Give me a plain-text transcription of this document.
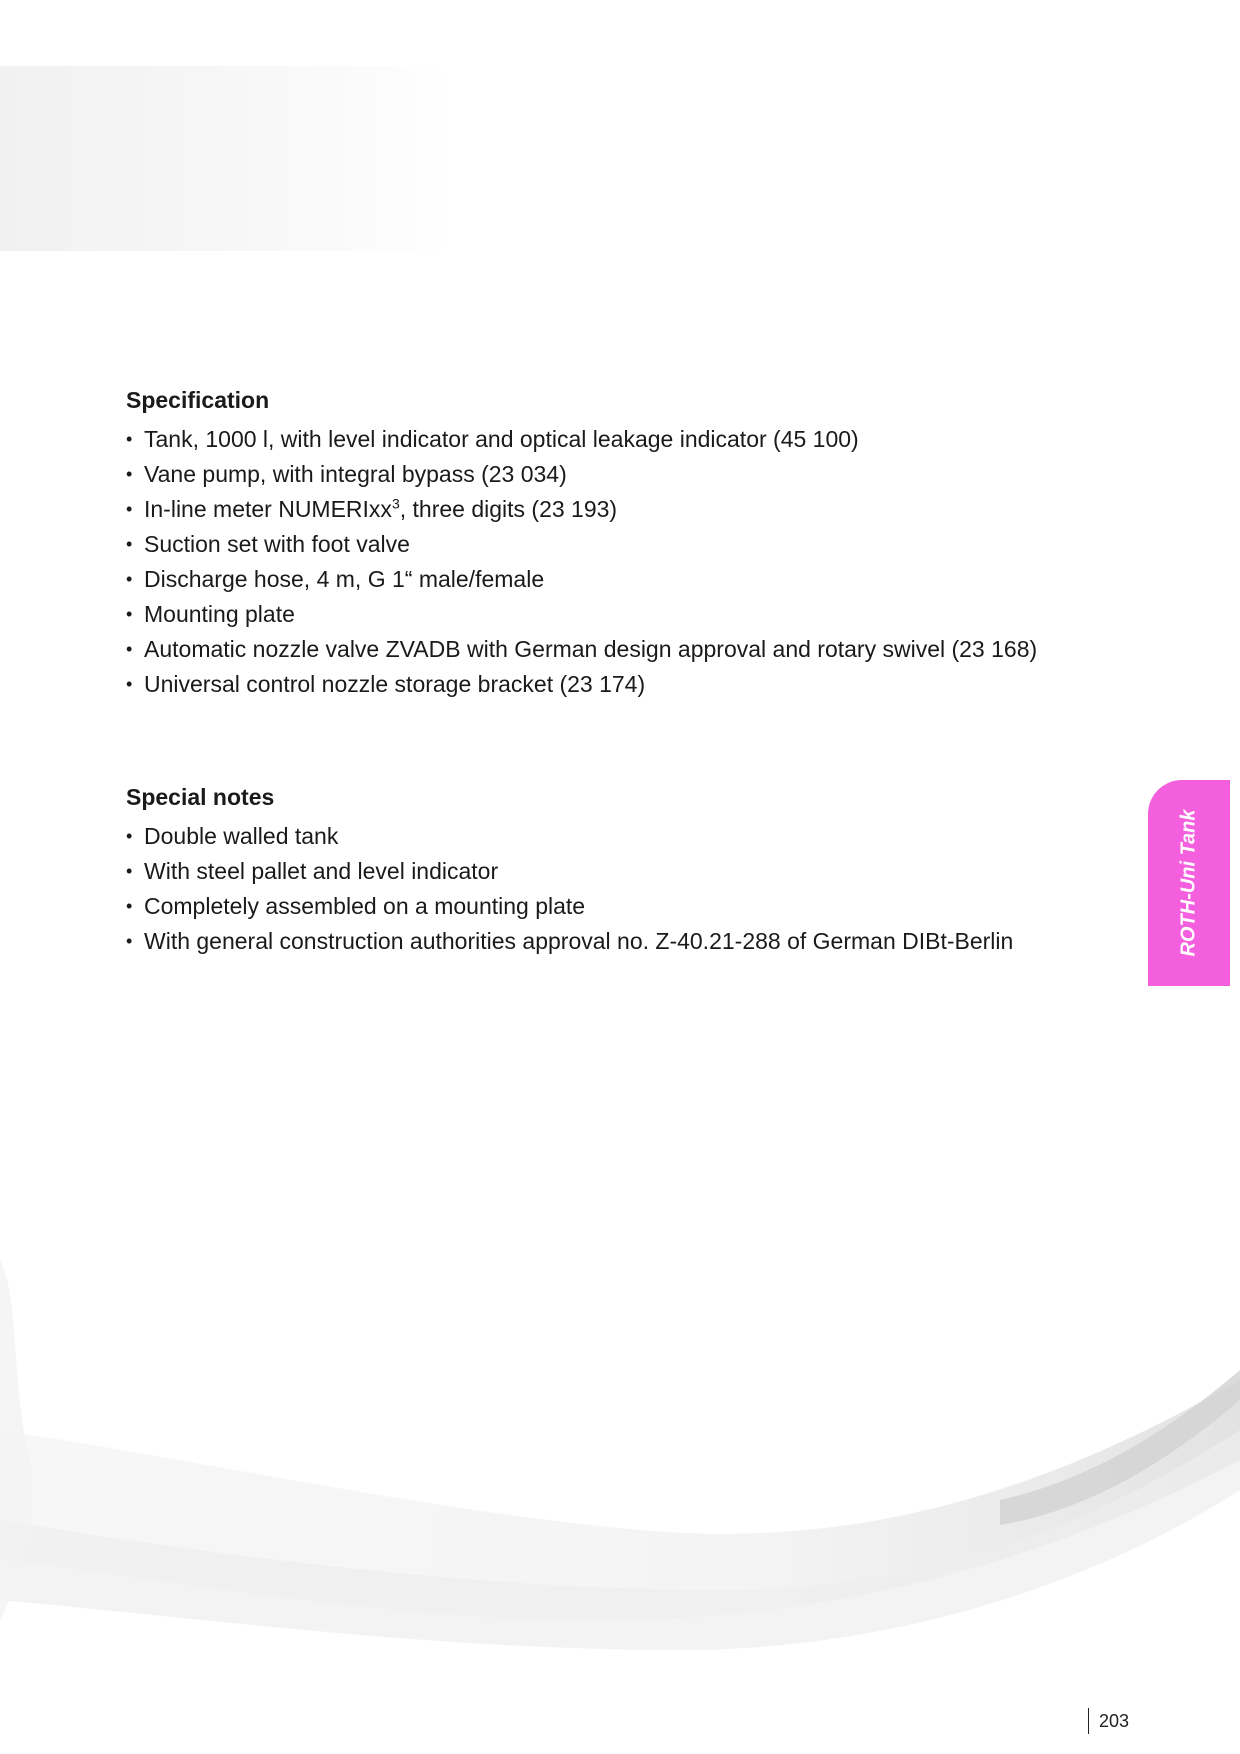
Specification
• Tank, 1000 l, with level indicator and optical leakage indicator (45 100)
• Vane pump, with integral bypass (23 034)
• In-line meter NUMERIxx$^3$, three digits (23 193)
• Suction set with foot valve
• Discharge hose, 4 m, G 1“ male/female
• Mounting plate
• Automatic nozzle valve ZVADB with German design approval and rotary swivel (23 168)
• Universal control nozzle storage bracket (23 174)
Special notes
• Double walled tank
• With steel pallet and level indicator
• Completely assembled on a mounting plate
• With general construction authorities approval no. Z-40.21-288 of German DIBt-Berlin	ROTH-Uni Tank
203
